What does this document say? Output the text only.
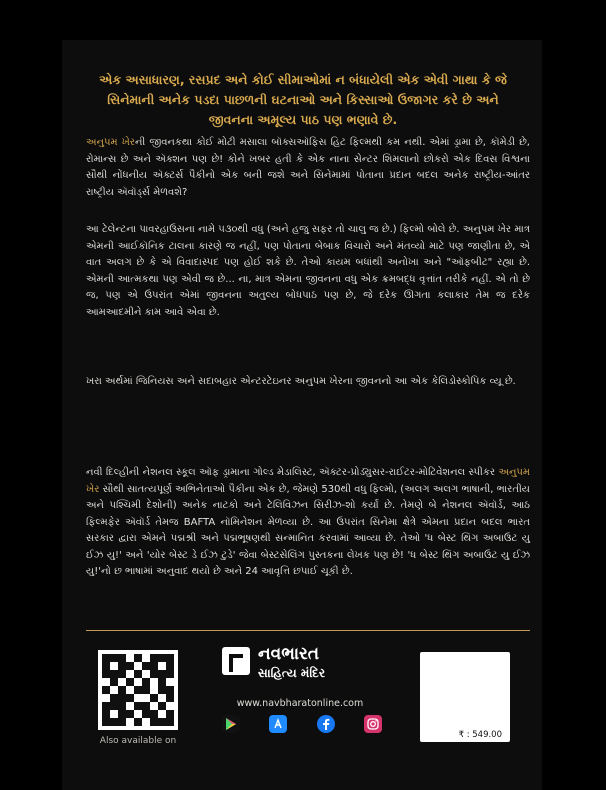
એક અસાધારણ, રસપ્રદ અને કોઈ સીમાઓમાં ન બંધાયેલી એક એવી ગાથા કે જે સિનેમાની અનેક પડદા પાછળની ઘટનાઓ અને કિસ્સાઓ ઉજાગર કરે છે અને જીવનના અમૂલ્ય પાઠ પણ ભણાવે છે.
અનુપમ ખેરની જીવનકથા કોઈ મોટી મસાલા બૉક્સઑફિસ હિટ ફિલ્મથી કમ નથી. એમાં ડ્રામા છે, કૉમેડી છે, રોમાન્સ છે અને ઍક્શન પણ છે! કોને ખબર હતી કે એક નાના સેન્ટર શિમલાનો છોકરો એક દિવસ વિશ્વના સૌથી નોંધનીય ઍક્ટર્સ પૈકીનો એક બની જશે અને સિનેમામાં પોતાના પ્રદાન બદલ અનેક રાષ્ટ્રીય-આંતર રાષ્ટ્રીય ઍવૉર્ડ્સ મેળવશે?
આ ટેલેન્ટના પાવરહાઉસના નામે ૫૩૦થી વધુ (અને હજુ સફર તો ચાલુ જ છે.) ફિલ્મો બોલે છે. અનુપમ ખેર માત્ર એમની આઈકૉનિક ટાલના કારણે જ નહીં, પણ પોતાના બેબાક વિચારો અને મંતવ્યો માટે પણ જાણીતા છે, એ વાત અલગ છે કે એ વિવાદાસ્પદ પણ હોઈ શકે છે. તેઓ કાયમ બધાંથી અનોખા અને "ઑફબીટ" રહ્યા છે. એમની આત્મકથા પણ એવી જ છે... ના, માત્ર એમના જીવનના વધુ એક ક્રમબદ્ધ વૃત્તાંત તરીકે નહીં. એ તો છે જ, પણ એ ઉપરાંત એમાં જીવનના અતુલ્ય બોધપાઠ પણ છે, જે દરેક ઊગતા કલાકાર તેમ જ દરેક આમઆદમીને કામ આવે એવા છે.
ખરા અર્થમાં જિનિયસ અને સદાબહાર એન્ટરટેઇનર અનુપમ ખેરના જીવનનો આ એક કેલિડોસ્કોપિક વ્યૂ છે.
નવી દિલ્હીની નેશનલ સ્કૂલ ઑફ ડ્રામાના ગોલ્ડ મેડાલિસ્ટ, ઍક્ટર-પ્રોડ્યુસર-રાઈટર-મોટિવેશનલ સ્પીકર અનુપમ ખેર સૌથી સાતત્યપૂર્ણ અભિનેતાઓ પૈકીના એક છે, જેમણે 530થી વધુ ફિલ્મો, (અલગ અલગ ભાષાની, ભારતીય અને પશ્ચિમી દેશોની) અનેક નાટકો અને ટેલિવિઝન સિરીઝ-શો કર્યાં છે. તેમણે બે નેશનલ ઍવૉર્ડ, આઠ ફિલ્મફેર ઍવૉર્ડ તેમજ BAFTA નૉમિનેશન મેળવ્યા છે. આ ઉપરાંત સિનેમા ક્ષેત્રે એમના પ્રદાન બદલ ભારત સરકાર દ્વારા એમને પદ્મશ્રી અને પદ્મભૂષણથી સન્માનિત કરવામાં આવ્યા છે. તેઓ 'ધ બેસ્ટ થિંગ અબાઉટ યુ ઈઝ યુ!' અને 'યોર બેસ્ટ ડે ઈઝ ટુડે' જેવા બેસ્ટસેલિંગ પુસ્તકના લેખક પણ છે! 'ધ બેસ્ટ થિંગ અબાઉટ યુ ઈઝ યુ!'નો છ ભાષામાં અનુવાદ થયો છે અને 24 આવૃત્તિ છપાઈ ચૂકી છે.
Also available on
નવભારત
સાહિત્ય મંદિર
www.navbharatonline.com
₹ : 549.00
